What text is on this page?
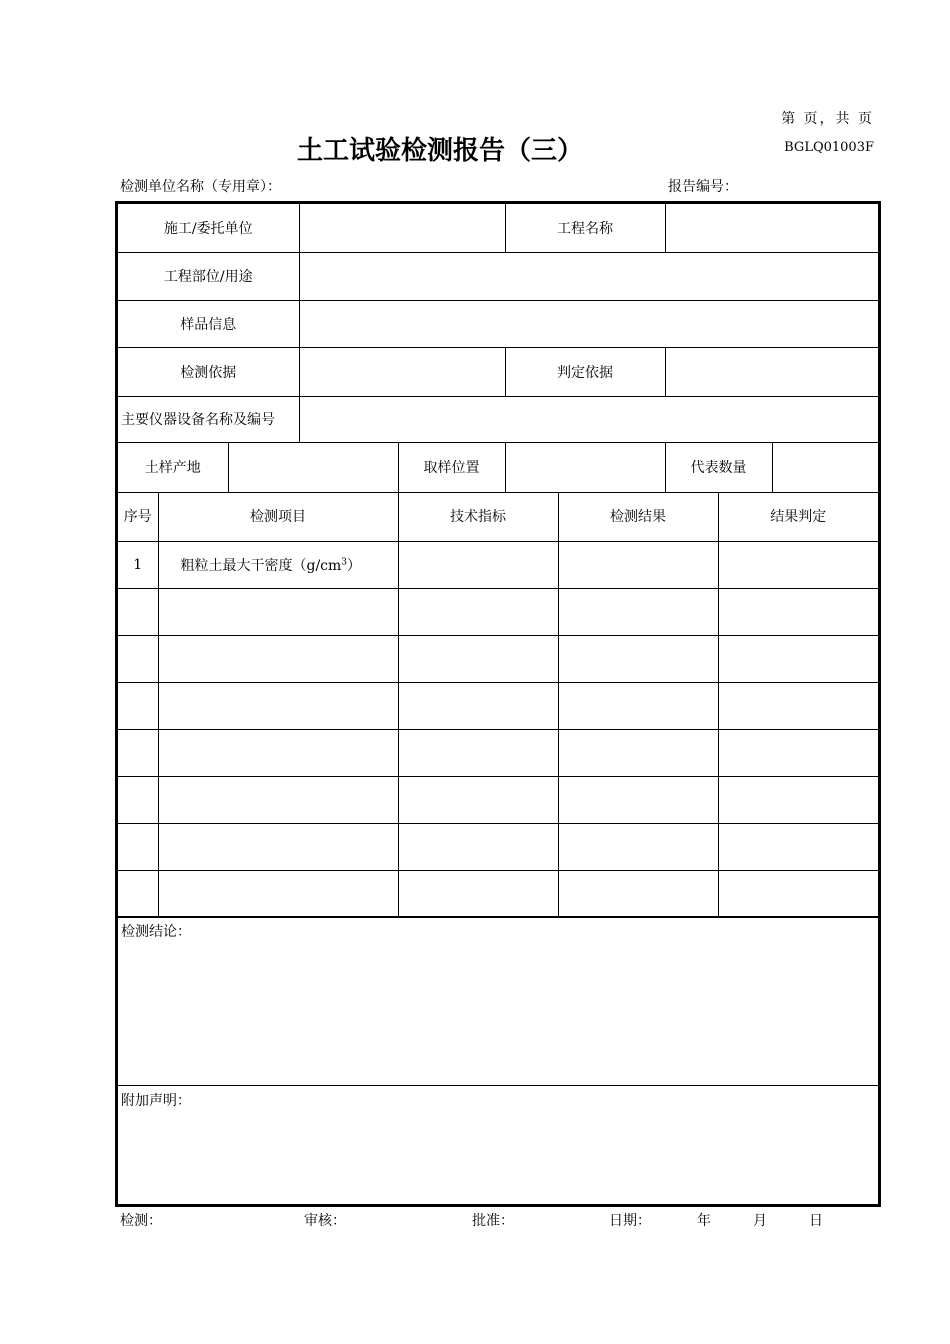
第 页，共 页
土工试验检测报告（三）	BGLQ01003F
检测单位名称（专用章）：	报告编号：
施工/委托单位		工程名称	
工程部位/用途			
样品信息			
检测依据		判定依据	
主要仪器设备名称及编号			
土样产地		取样位置		代表数量	
序号	检测项目	技术指标	检测结果	结果判定
1	粗粒土最大干密度$(g/cm^3)$			

检测结论：
附加声明：
检测：	审核：	批准：	日期：	年	月	日
